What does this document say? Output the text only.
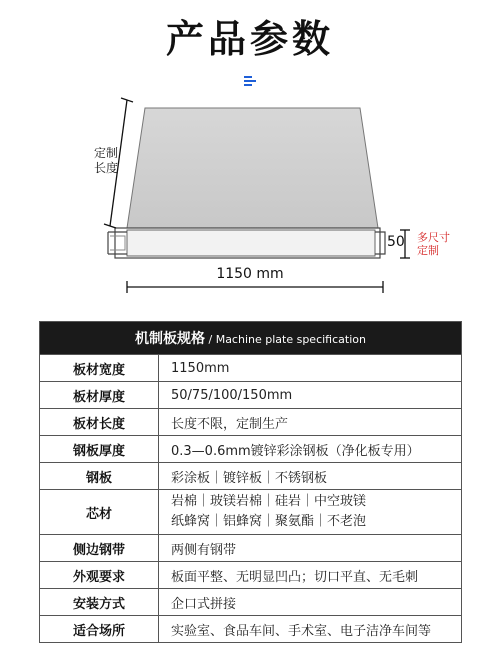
产品参数
定制
长度
50 多尺寸
定制
1150 mm
机制板规格 / Machine plate specification	
板材宽度	1150mm
板材厚度	50/75/100/150mm
板材长度	长度不限，定制生产
钢板厚度	0.3—0.6mm镀锌彩涂钢板（净化板专用）
钢板	彩涂板｜镀锌板｜不锈钢板
芯材	岩棉｜玻镁岩棉｜硅岩｜中空玻镁
纸蜂窝｜铝蜂窝｜聚氨酯｜不老泡

侧边钢带	两侧有钢带
外观要求	板面平整、无明显凹凸；切口平直、无毛刺
安装方式	企口式拼接
适合场所	实验室、食品车间、手术室、电子洁净车间等
